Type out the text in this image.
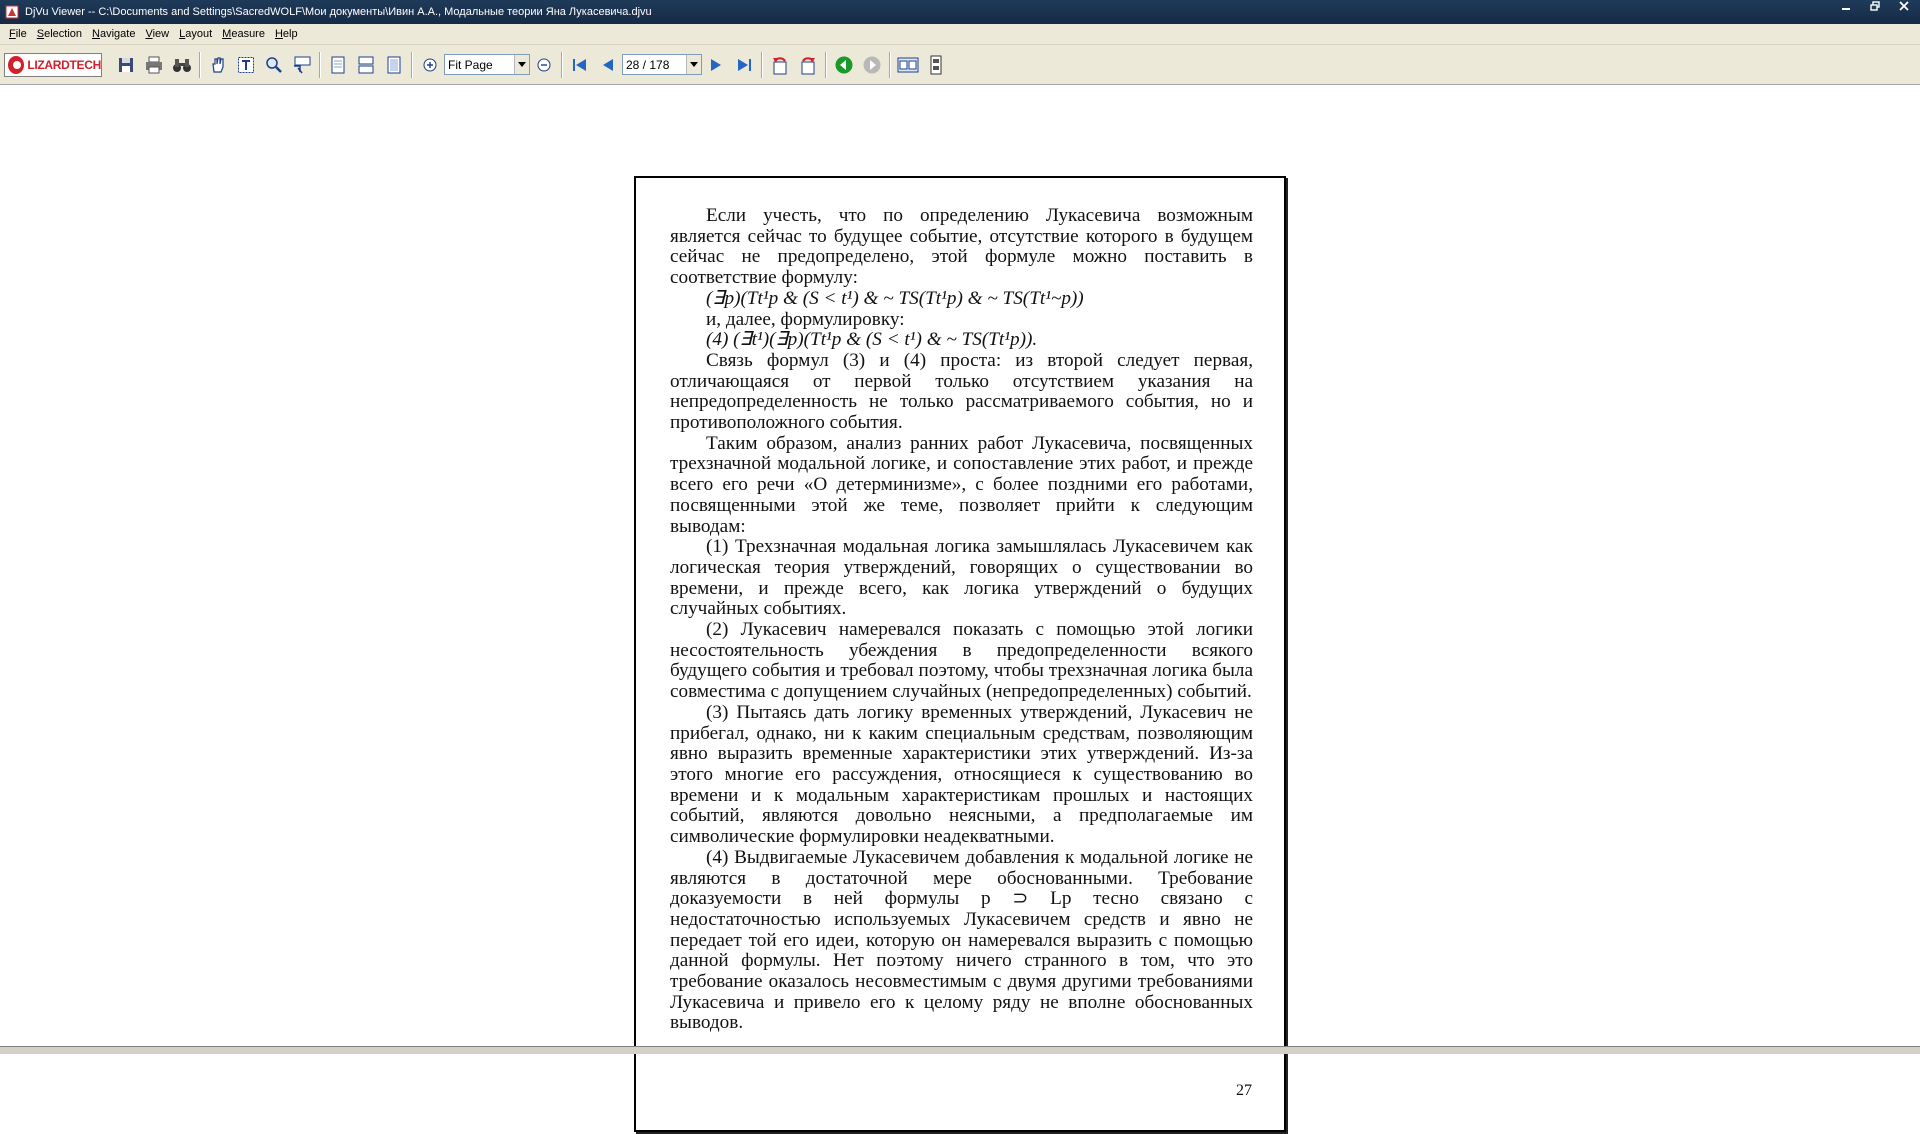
DjVu Viewer -- C:\Documents and Settings\SacredWOLF\Мои документы\Ивин А.А., Модальные теории Яна Лукасевича.djvu
File Selection Navigate View Layout Measure Help
LIZARDTECH	Fit Page	28 / 178

Если учесть, что по определению Лукасевича возможным является сейчас то будущее событие, отсутствие которого в будущем сейчас не предопределено, этой формуле можно поставить в соответствие формулу:

(∃p)(Tt¹p & (S < t¹) & ~ TS(Tt¹p) & ~ TS(Tt¹~p))

и, далее, формулировку:

(4) (∃t¹)(∃p)(Tt¹p & (S < t¹) & ~ TS(Tt¹p)).

Связь формул (3) и (4) проста: из второй следует первая, отличающаяся от первой только отсутствием указания на непредопределенность не только рассматриваемого события, но и противоположного события.

Таким образом, анализ ранних работ Лукасевича, посвященных трехзначной модальной логике, и сопоставление этих работ, и прежде всего его речи «О детерминизме», с более поздними его работами, посвященными этой же теме, позволяет прийти к следующим выводам:

(1) Трехзначная модальная логика замышлялась Лукасевичем как логическая теория утверждений, говорящих о существовании во времени, и прежде всего, как логика утверждений о будущих случайных событиях.

(2) Лукасевич намеревался показать с помощью этой логики несостоятельность убеждения в предопределенности всякого будущего события и требовал поэтому, чтобы трехзначная логика была совместима с допущением случайных (непредопределенных) событий.

(3) Пытаясь дать логику временных утверждений, Лукасевич не прибегал, однако, ни к каким специальным средствам, позволяющим явно выразить временные характеристики этих утверждений. Из-за этого многие его рассуждения, относящиеся к существованию во времени и к модальным характеристикам прошлых и настоящих событий, являются довольно неясными, а предполагаемые им символические формулировки неадекватными.

(4) Выдвигаемые Лукасевичем добавления к модальной логике не являются в достаточной мере обоснованными. Требование доказуемости в ней формулы p ⊃ Lp тесно связано с недостаточностью используемых Лукасевичем средств и явно не передает той его идеи, которую он намеревался выразить с помощью данной формулы. Нет поэтому ничего странного в том, что это требование оказалось несовместимым с двумя другими требованиями Лукасевича и привело его к целому ряду не вполне обоснованных выводов.

27
